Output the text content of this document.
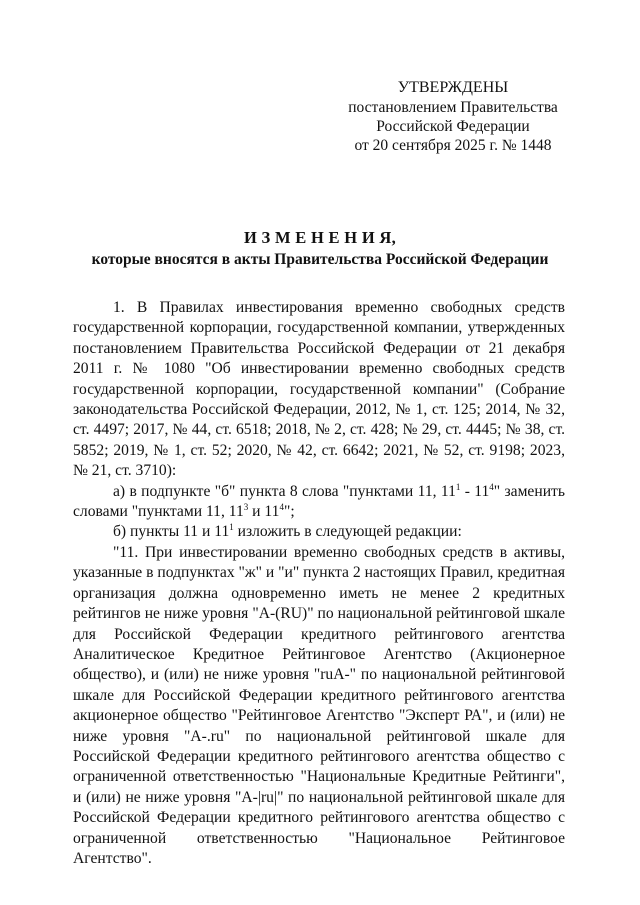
УТВЕРЖДЕНЫ
постановлением Правительства
Российской Федерации
от 20 сентября 2025 г. № 1448
И З М Е Н Е Н И Я,
которые вносятся в акты Правительства Российской Федерации

1. В Правилах инвестирования временно свободных средств государственной корпорации, государственной компании, утвержденных постановлением Правительства Российской Федерации от 21 декабря 2011 г. № 1080 "Об инвестировании временно свободных средств государственной корпорации, государственной компании" (Собрание законодательства Российской Федерации, 2012, № 1, ст. 125; 2014, № 32, ст. 4497; 2017, № 44, ст. 6518; 2018, № 2, ст. 428; № 29, ст. 4445; № 38, ст. 5852; 2019, № 1, ст. 52; 2020, № 42, ст. 6642; 2021, № 52, ст. 9198; 2023, № 21, ст. 3710):

а) в подпункте "б" пункта 8 слова "пунктами 11, $11^1 - 11^4$" заменить словами "пунктами 11, $11^3$ и $11^4$";

б) пункты 11 и $11^1$ изложить в следующей редакции:

"11. При инвестировании временно свободных средств в активы, указанные в подпунктах "ж" и "и" пункта 2 настоящих Правил, кредитная организация должна одновременно иметь не менее 2 кредитных рейтингов не ниже уровня "A-(RU)" по национальной рейтинговой шкале для Российской Федерации кредитного рейтингового агентства Аналитическое Кредитное Рейтинговое Агентство (Акционерное общество), и (или) не ниже уровня "ruA-" по национальной рейтинговой шкале для Российской Федерации кредитного рейтингового агентства акционерное общество "Рейтинговое Агентство "Эксперт РА", и (или) не ниже уровня "A-.ru" по национальной рейтинговой шкале для Российской Федерации кредитного рейтингового агентства общество с ограниченной ответственностью "Национальные Кредитные Рейтинги", и (или) не ниже уровня "A-|ru|" по национальной рейтинговой шкале для Российской Федерации кредитного рейтингового агентства общество с ограниченной ответственностью "Национальное Рейтинговое Агентство".
